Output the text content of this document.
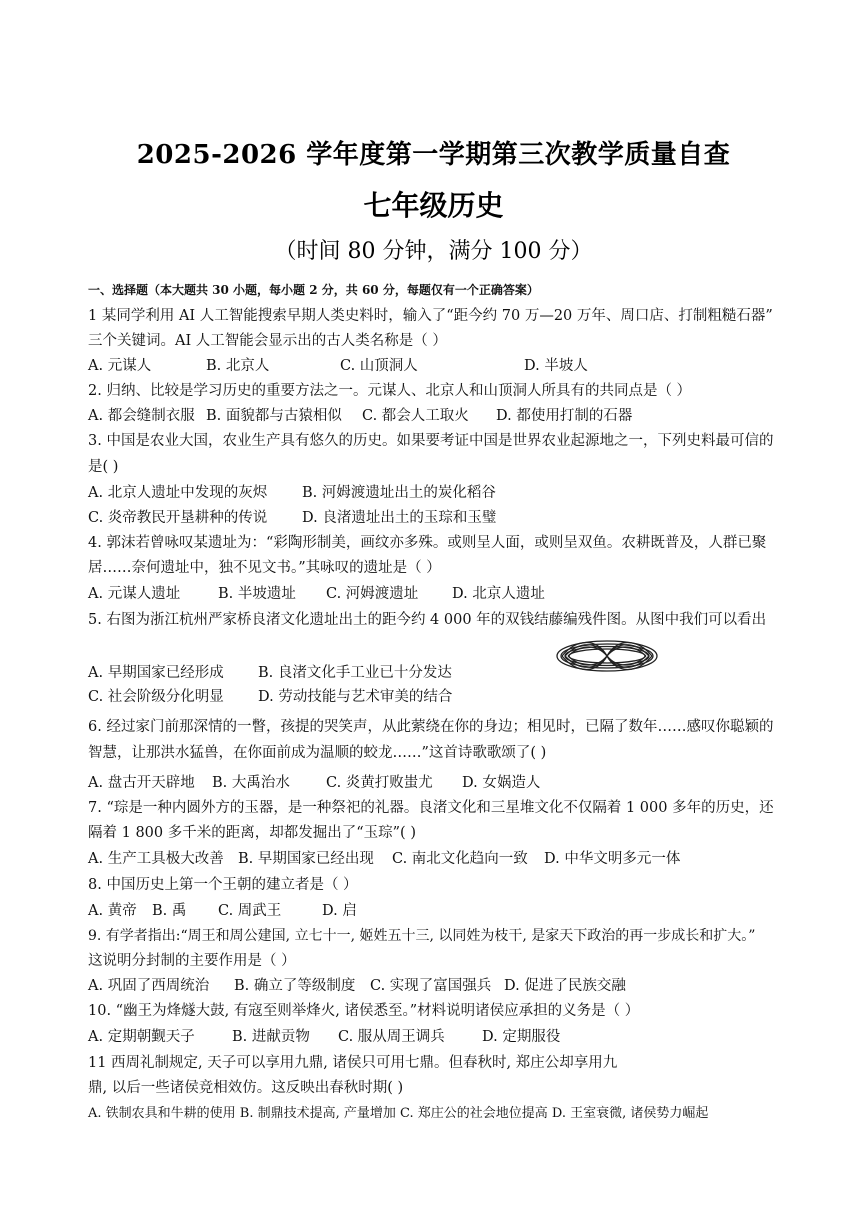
2025-2026 学年度第一学期第三次教学质量自查
七年级历史
（时间 80 分钟，满分 100 分）
一、选择题（本大题共 30 小题，每小题 2 分，共 60 分，每题仅有一个正确答案）
1 某同学利用 AI 人工智能搜索早期人类史料时，输入了“距今约 70 万—20 万年、周口店、打制粗糙石器”
三个关键词。AI 人工智能会显示出的古人类名称是（ ）
A. 元谋人	B. 北京人	C. 山顶洞人	D. 半坡人
2. 归纳、比较是学习历史的重要方法之一。元谋人、北京人和山顶洞人所具有的共同点是（ ）
A. 都会缝制衣服 B. 面貌都与古猿相似 C. 都会人工取火 D. 都使用打制的石器
3. 中国是农业大国，农业生产具有悠久的历史。如果要考证中国是世界农业起源地之一，下列史料最可信的
是( )
A. 北京人遗址中发现的灰烬 B. 河姆渡遗址出土的炭化稻谷
C. 炎帝教民开垦耕种的传说 D. 良渚遗址出土的玉琮和玉璧
4. 郭沫若曾咏叹某遗址为：“彩陶形制美，画纹亦多殊。或则呈人面，或则呈双鱼。农耕既普及，人群已聚
居……奈何遗址中，独不见文书。”其咏叹的遗址是（ ）
A. 元谋人遗址	B. 半坡遗址 C. 河姆渡遗址 D. 北京人遗址
5. 右图为浙江杭州严家桥良渚文化遗址出土的距今约 4 000 年的双钱结藤编残件图。从图中我们可以看出
A. 早期国家已经形成 B. 良渚文化手工业已十分发达
C. 社会阶级分化明显 D. 劳动技能与艺术审美的结合
6. 经过家门前那深情的一瞥，孩提的哭笑声，从此萦绕在你的身边；相见时，已隔了数年……感叹你聪颖的
智慧，让那洪水猛兽，在你面前成为温顺的蛟龙……”这首诗歌歌颂了( )
A. 盘古开天辟地 B. 大禹治水 C. 炎黄打败蚩尤 D. 女娲造人
7. “琮是一种内圆外方的玉器，是一种祭祀的礼器。良渚文化和三星堆文化不仅隔着 1 000 多年的历史，还
隔着 1 800 多千米的距离，却都发掘出了“玉琮”( )
A. 生产工具极大改善 B. 早期国家已经出现 C. 南北文化趋向一致 D. 中华文明多元一体
8. 中国历史上第一个王朝的建立者是（ ）
A. 黄帝 B. 禹 C. 周武王	D. 启
9. 有学者指出:“周王和周公建国, 立七十一, 姬姓五十三, 以同姓为枝干, 是家天下政治的再一步成长和扩大。”
这说明分封制的主要作用是（ ）
A. 巩固了西周统治 B. 确立了等级制度 C. 实现了富国强兵 D. 促进了民族交融
10. “幽王为烽燧大鼓, 有寇至则举烽火, 诸侯悉至。”材料说明诸侯应承担的义务是（ ）
A. 定期朝觐天子	B. 进献贡物 C. 服从周王调兵	D. 定期服役
11 西周礼制规定, 天子可以享用九鼎, 诸侯只可用七鼎。但春秋时, 郑庄公却享用九
鼎, 以后一些诸侯竞相效仿。这反映出春秋时期( )
A. 铁制农具和牛耕的使用 B. 制鼎技术提高, 产量增加 C. 郑庄公的社会地位提高 D. 王室衰微, 诸侯势力崛起
